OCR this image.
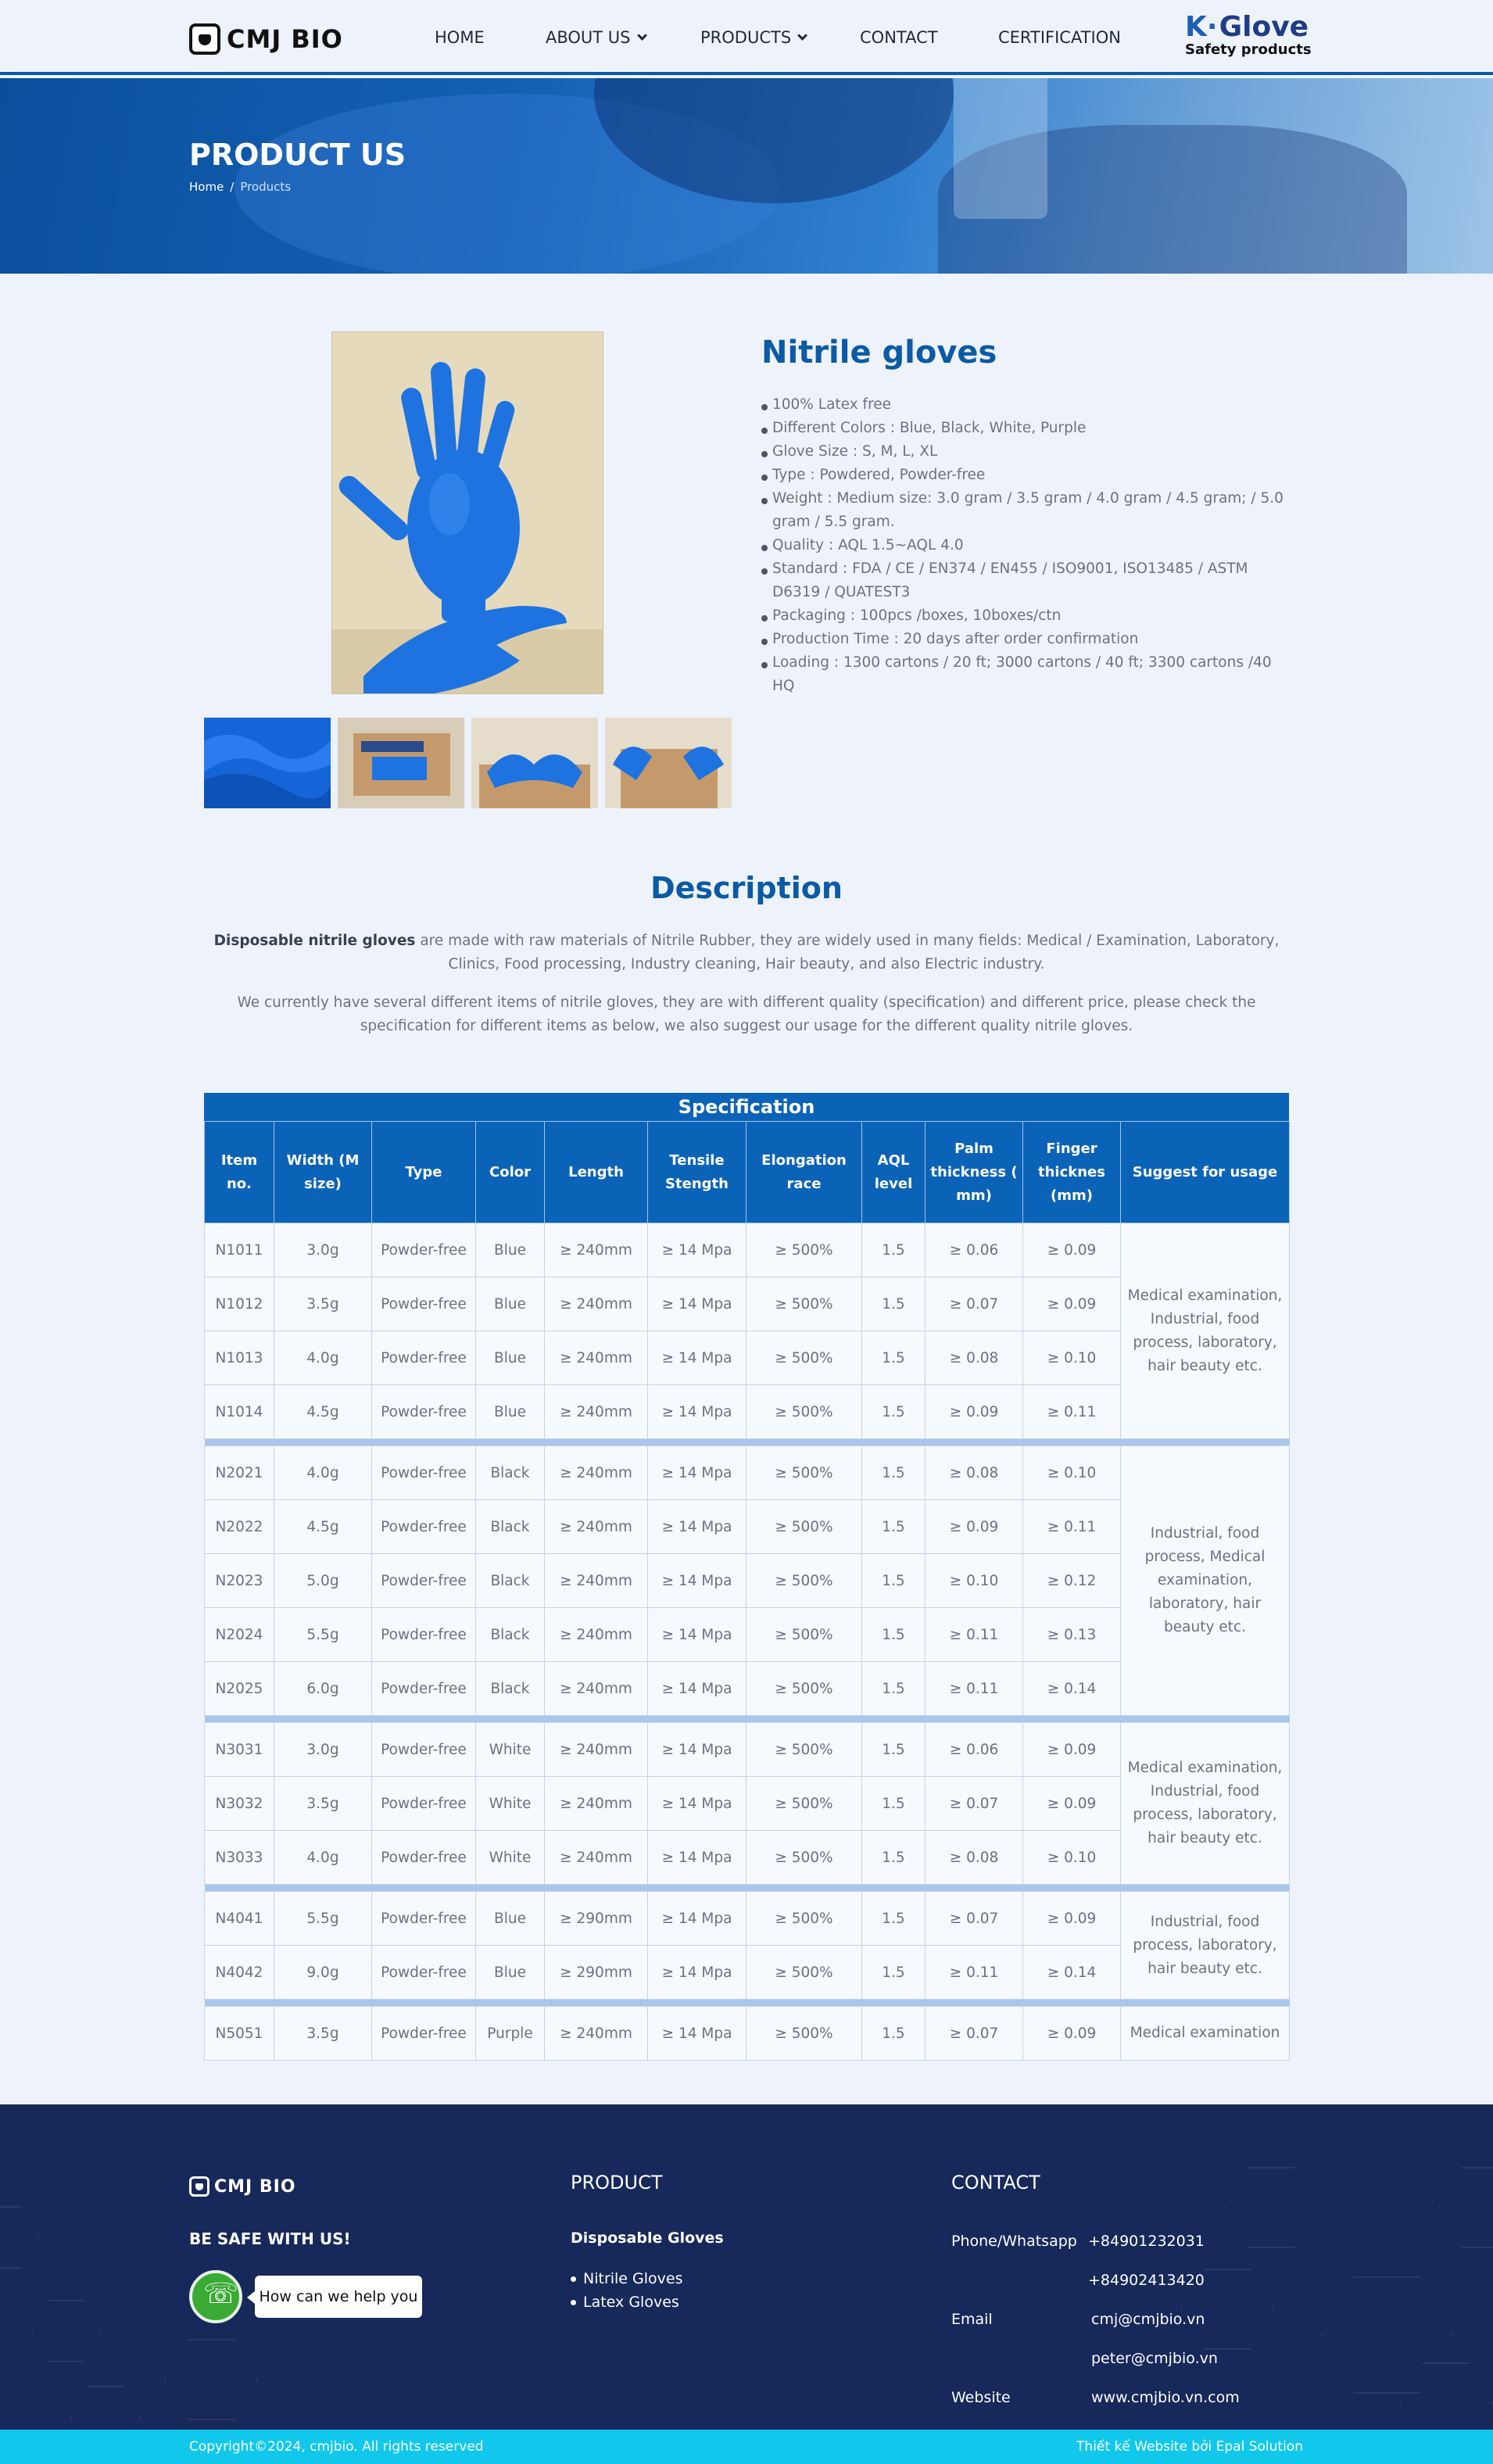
CMJ BIO	HOME	ABOUT US	PRODUCTS	CONTACT	CERTIFICATION K· Glove
Safety products
PRODUCT US
Home / Products
Nitrile gloves
100% Latex free
Different Colors : Blue, Black, White, Purple
Glove Size : S, M, L, XL
Type : Powdered, Powder-free
Weight : Medium size: 3.0 gram / 3.5 gram / 4.0 gram / 4.5 gram; / 5.0 gram / 5.5 gram.
Quality : AQL 1.5~AQL 4.0
Standard : FDA / CE / EN374 / EN455 / ISO9001, ISO13485 / ASTM D6319 / QUATEST3
Packaging : 100pcs /boxes, 10boxes/ctn
Production Time : 20 days after order confirmation
Loading : 1300 cartons / 20 ft; 3000 cartons / 40 ft; 3300 cartons /40 HQ
Description

Disposable nitrile gloves are made with raw materials of Nitrile Rubber, they are widely used in many fields: Medical / Examination, Laboratory, Clinics, Food processing, Industry cleaning, Hair beauty, and also Electric industry.

We currently have several different items of nitrile gloves, they are with different quality (specification) and different price, please check the specification for different items as below, we also suggest our usage for the different quality nitrile gloves.

Specification
Item no.	Width (M size)	Type	Color	Length	Tensile Stength	Elongation race	AQL level	Palm thickness ( mm)	Finger thicknes (mm)	Suggest for usage
N1011	3.0g	Powder-free	Blue	≥ 240mm	≥ 14 Mpa	≥ 500%	1.5	≥ 0.06	≥ 0.09	Medical examination, Industrial, food process, laboratory, hair beauty etc.
N1012	3.5g	Powder-free	Blue	≥ 240mm	≥ 14 Mpa	≥ 500%	1.5	≥ 0.07	≥ 0.09	
N1013	4.0g	Powder-free	Blue	≥ 240mm	≥ 14 Mpa	≥ 500%	1.5	≥ 0.08	≥ 0.10	
N1014	4.5g	Powder-free	Blue	≥ 240mm	≥ 14 Mpa	≥ 500%	1.5	≥ 0.09	≥ 0.11	

N2021	4.0g	Powder-free	Black	≥ 240mm	≥ 14 Mpa	≥ 500%	1.5	≥ 0.08	≥ 0.10	Industrial, food process, Medical examination, laboratory, hair beauty etc.
N2022	4.5g	Powder-free	Black	≥ 240mm	≥ 14 Mpa	≥ 500%	1.5	≥ 0.09	≥ 0.11	
N2023	5.0g	Powder-free	Black	≥ 240mm	≥ 14 Mpa	≥ 500%	1.5	≥ 0.10	≥ 0.12	
N2024	5.5g	Powder-free	Black	≥ 240mm	≥ 14 Mpa	≥ 500%	1.5	≥ 0.11	≥ 0.13	
N2025	6.0g	Powder-free	Black	≥ 240mm	≥ 14 Mpa	≥ 500%	1.5	≥ 0.11	≥ 0.14	

N3031	3.0g	Powder-free	White	≥ 240mm	≥ 14 Mpa	≥ 500%	1.5	≥ 0.06	≥ 0.09	Medical examination, Industrial, food process, laboratory, hair beauty etc.
N3032	3.5g	Powder-free	White	≥ 240mm	≥ 14 Mpa	≥ 500%	1.5	≥ 0.07	≥ 0.09	
N3033	4.0g	Powder-free	White	≥ 240mm	≥ 14 Mpa	≥ 500%	1.5	≥ 0.08	≥ 0.10	

N4041	5.5g	Powder-free	Blue	≥ 290mm	≥ 14 Mpa	≥ 500%	1.5	≥ 0.07	≥ 0.09	Industrial, food process, laboratory, hair beauty etc.
N4042	9.0g	Powder-free	Blue	≥ 290mm	≥ 14 Mpa	≥ 500%	1.5	≥ 0.11	≥ 0.14	

N5051	3.5g	Powder-free	Purple	≥ 240mm	≥ 14 Mpa	≥ 500%	1.5	≥ 0.07	≥ 0.09	Medical examination
CMJ BIO
BE SAFE WITH US!
☏
How can we help you
PRODUCT
Disposable Gloves
Nitrile Gloves
Latex Gloves
CONTACT
Phone/Whatsapp +84901232031
+84902413420
Email	cmj@cmjbio.vn
peter@cmjbio.vn
Website	www.cmjbio.vn.com
Copyright©2024, cmjbio. All rights reserved	Thiết kế Website bởi Epal Solution
